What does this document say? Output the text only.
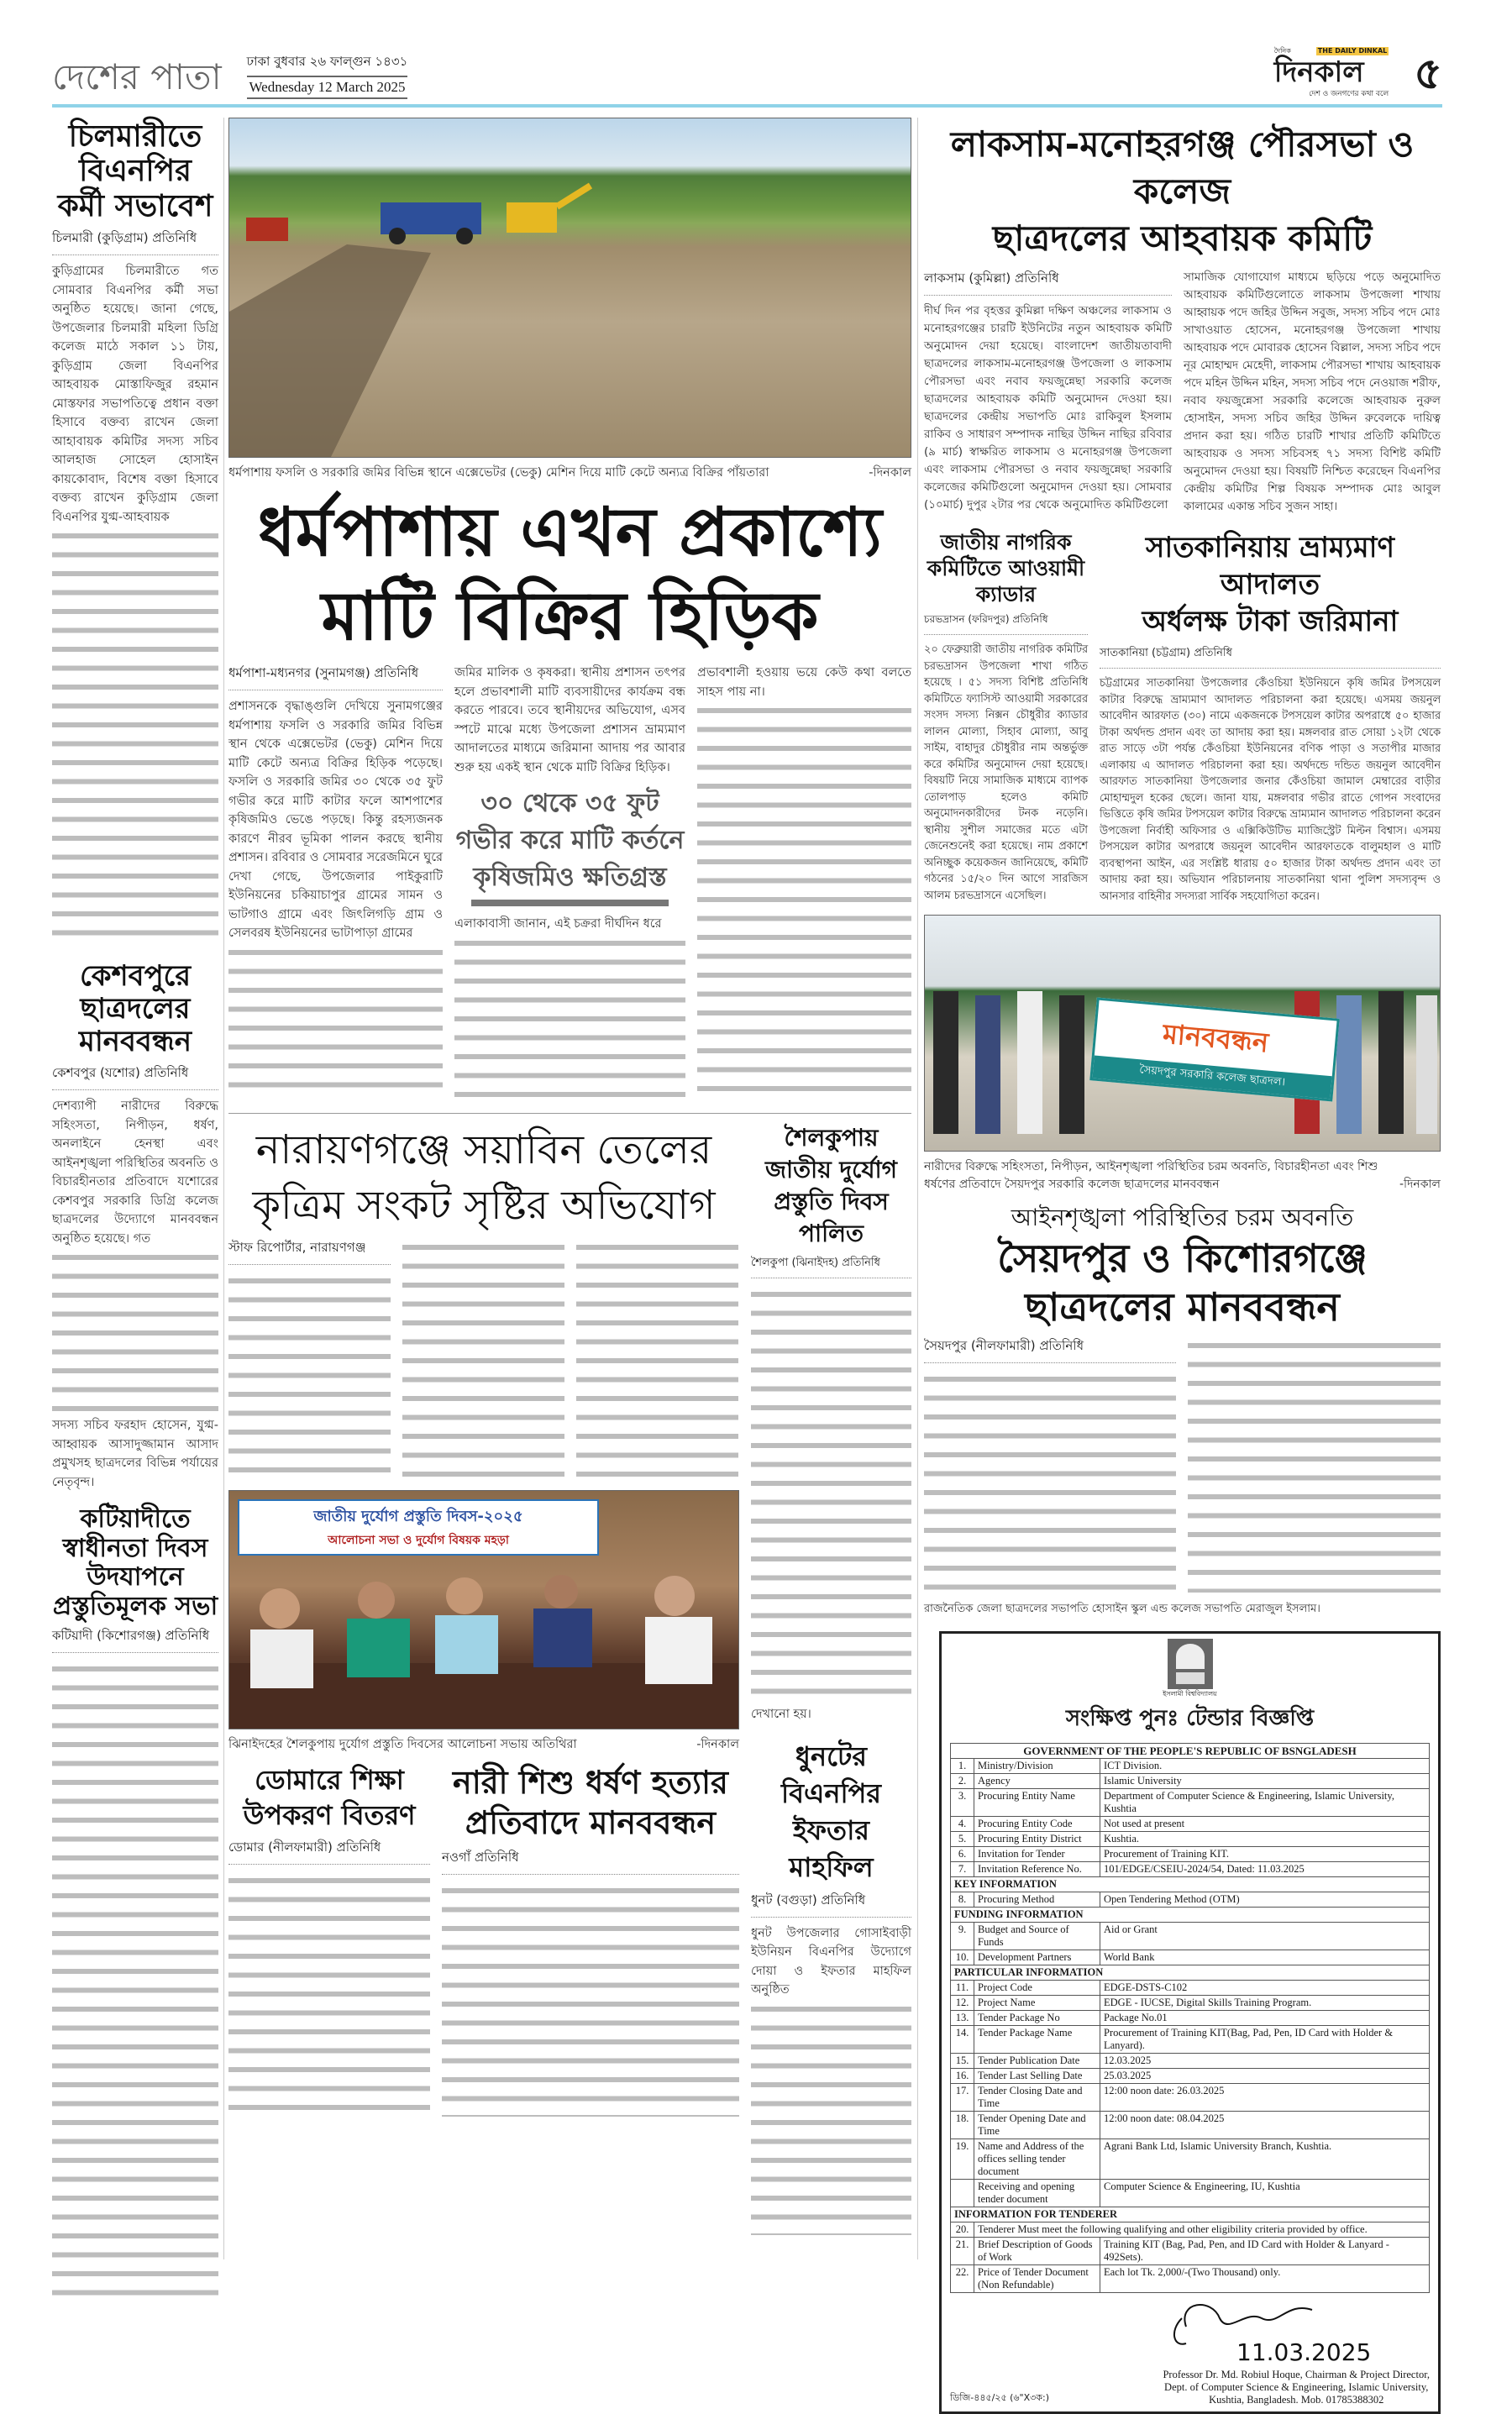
দেশের পাতা ঢাকা বুধবার ২৬ ফাল্গুন ১৪৩১
Wednesday 12 March 2025
দৈনিক	THE DAILY DINKAL
দিনকাল
দেশ ও জনগণের কথা বলে ৫
চিলমারীতে বিএনপির কর্মী সভাবেশ
চিলমারী (কুড়িগ্রাম) প্রতিনিধি
কুড়িগ্রামের চিলমারীতে গত সোমবার বিএনপির কর্মী সভা অনুষ্ঠিত হয়েছে। জানা গেছে, উপজেলার চিলমারী মহিলা ডিগ্রি কলেজ মাঠে সকাল ১১ টায়, কুড়িগ্রাম জেলা বিএনপির আহবায়ক মোস্তাফিজুর রহমান মোস্তফার সভাপতিত্বে প্রধান বক্তা হিসাবে বক্তব্য রাখেন জেলা আহাবায়ক কমিটির সদস্য সচিব আলহাজ সোহেল হোসাইন কায়কোবাদ, বিশেষ বক্তা হিসাবে বক্তব্য রাখেন কুড়িগ্রাম জেলা বিএনপির যুগ্ম-আহবায়ক
কেশবপুরে ছাত্রদলের মানববন্ধন
কেশবপুর (যশোর) প্রতিনিধি
দেশব্যাপী নারীদের বিরুদ্ধে সহিংসতা, নিপীড়ন, ধর্ষণ, অনলাইনে হেনস্থা এবং আইনশৃঙ্খলা পরিস্থিতির অবনতি ও বিচারহীনতার প্রতিবাদে যশোরের কেশবপুর সরকারি ডিগ্রি কলেজ ছাত্রদলের উদ্যোগে মানববন্ধন অনুষ্ঠিত হয়েছে। গত
সদস্য সচিব ফরহাদ হোসেন, যুগ্ম-আহ্বায়ক আসাদুজ্জামান আসাদ প্রমুখসহ ছাত্রদলের বিভিন্ন পর্যায়ের নেতৃবৃন্দ।
কটিয়াদীতে স্বাধীনতা দিবস উদযাপনে প্রস্তুতিমূলক সভা
কটিয়াদী (কিশোরগঞ্জ) প্রতিনিধি
ধর্মপাশায় ফসলি ও সরকারি জমির বিভিন্ন স্থানে এক্সেভেটর (ভেকু) মেশিন দিয়ে মাটি কেটে অন্যত্র বিক্রির পাঁয়তারা	-দিনকাল
ধর্মপাশায় এখন প্রকাশ্যে
মাটি বিক্রির হিড়িক
ধর্মপাশা-মধ্যনগর (সুনামগঞ্জ) প্রতিনিধি
প্রশাসনকে বৃদ্ধাঙ্গুলি দেখিয়ে সুনামগঞ্জের ধর্মপাশায় ফসলি ও সরকারি জমির বিভিন্ন স্থান থেকে এক্সেভেটর (ভেকু) মেশিন দিয়ে মাটি কেটে অন্যত্র বিক্রির হিড়িক পড়েছে। ফসলি ও সরকারি জমির ৩০ থেকে ৩৫ ফুট গভীর করে মাটি কাটার ফলে আশপাশের কৃষিজমিও ভেঙে পড়ছে। কিন্তু রহস্যজনক কারণে নীরব ভূমিকা পালন করছে স্থানীয় প্রশাসন। রবিবার ও সোমবার সরেজমিনে ঘুরে দেখা গেছে, উপজেলার পাইকুরাটি ইউনিয়নের চকিয়াচাপুর গ্রামের সামন ও ভাটগাও গ্রামে এবং জিৎলিগড়ি গ্রাম ও সেলবরষ ইউনিয়নের ভাটাপাড়া গ্রামের
জমির মালিক ও কৃষকরা। স্থানীয় প্রশাসন তৎপর হলে প্রভাবশালী মাটি ব্যবসায়ীদের কার্যক্রম বন্ধ করতে পারবে। তবে স্থানীয়দের অভিযোগ, এসব স্পটে মাঝে মধ্যে উপজেলা প্রশাসন ভ্রাম্যমাণ আদালতের মাধ্যমে জরিমানা আদায় পর আবার শুরু হয় একই স্থান থেকে মাটি বিক্রির হিড়িক।
৩০ থেকে ৩৫ ফুট গভীর করে মাটি কর্তনে কৃষিজমিও ক্ষতিগ্রস্ত
এলাকাবাসী জানান, এই চক্ররা দীর্ঘদিন ধরে
প্রভাবশালী হওয়ায় ভয়ে কেউ কথা বলতে সাহস পায় না।
নারায়ণগঞ্জে সয়াবিন তেলের
কৃত্রিম সংকট সৃষ্টির অভিযোগ
স্টাফ রিপোর্টার, নারায়ণগঞ্জ
জাতীয় দুর্যোগ প্রস্তুতি দিবস-২০২৫
আলোচনা সভা ও দুর্যোগ বিষয়ক মহড়া
ঝিনাইদহের শৈলকুপায় দুর্যোগ প্রস্তুতি দিবসের আলোচনা সভায় অতিথিরা	-দিনকাল
ডোমারে শিক্ষা উপকরণ বিতরণ
ডোমার (নীলফামারী) প্রতিনিধি
নারী শিশু ধর্ষণ হত্যার
প্রতিবাদে মানববন্ধন
নওগাঁ প্রতিনিধি
শৈলকুপায় জাতীয় দুর্যোগ প্রস্তুতি দিবস পালিত
শৈলকুপা (ঝিনাইদহ) প্রতিনিধি
দেখানো হয়।
ধুনটের বিএনপির ইফতার মাহফিল
ধুনট (বগুড়া) প্রতিনিধি
ধুনট উপজেলার গোসাইবাড়ী ইউনিয়ন বিএনপির উদ্যোগে দোয়া ও ইফতার মাহফিল অনুষ্ঠিত
লাকসাম-মনোহরগঞ্জ পৌরসভা ও কলেজ
ছাত্রদলের আহবায়ক কমিটি
লাকসাম (কুমিল্লা) প্রতিনিধি
দীর্ঘ দিন পর বৃহত্তর কুমিল্লা দক্ষিণ অঞ্চলের লাকসাম ও মনোহরগঞ্জের চারটি ইউনিটের নতুন আহবায়ক কমিটি অনুমোদন দেয়া হয়েছে। বাংলাদেশ জাতীয়তাবাদী ছাত্রদলের লাকসাম-মনোহরগঞ্জ উপজেলা ও লাকসাম পৌরসভা এবং নবাব ফয়জুন্নেছা সরকারি কলেজ ছাত্রদলের আহবায়ক কমিটি অনুমোদন দেওয়া হয়। ছাত্রদলের কেন্দ্রীয় সভাপতি মোঃ রাকিবুল ইসলাম রাকিব ও সাধারণ সম্পাদক নাছির উদ্দিন নাছির রবিবার (৯ মার্চ) স্বাক্ষরিত লাকসাম ও মনোহরগঞ্জ উপজেলা এবং লাকসাম পৌরসভা ও নবাব ফয়জুন্নেছা সরকারি কলেজের কমিটিগুলো অনুমোদন দেওয়া হয়। সোমবার (১০মার্চ) দুপুর ২টার পর থেকে অনুমোদিত কমিটিগুলো
সামাজিক যোগাযোগ মাধ্যমে ছড়িয়ে পড়ে অনুমোদিত আহবায়ক কমিটিগুলোতে লাকসাম উপজেলা শাখায় আহ্বায়ক পদে জহির উদ্দিন সবুজ, সদস্য সচিব পদে মোঃ সাখাওয়াত হোসেন, মনোহরগঞ্জ উপজেলা শাখায় আহবায়ক পদে মোবারক হোসেন বিল্লাল, সদস্য সচিব পদে নূর মোহাম্মদ মেহেদী, লাকসাম পৌরসভা শাখায় আহবায়ক পদে মহিন উদ্দিন মহিন, সদস্য সচিব পদে নেওয়াজ শরীফ, নবাব ফয়জুন্নেসা সরকারি কলেজে আহবায়ক নুরুল হোসাইন, সদস্য সচিব জহির উদ্দিন রুবেলকে দায়িত্ব প্রদান করা হয়। গঠিত চারটি শাখার প্রতিটি কমিটিতে আহবায়ক ও সদস্য সচিবসহ ৭১ সদস্য বিশিষ্ট কমিটি অনুমোদন দেওয়া হয়। বিষয়টি নিশ্চিত করেছেন বিএনপির কেন্দ্রীয় কমিটির শিল্প বিষয়ক সম্পাদক মোঃ আবুল কালামের একান্ত সচিব সুজন সাহা।
জাতীয় নাগরিক কমিটিতে আওয়ামী ক্যাডার
চরভদ্রাসন (ফরিদপুর) প্রতিনিধি
২০ ফেব্রুয়ারী জাতীয় নাগরিক কমিটির চরভদ্রাসন উপজেলা শাখা গঠিত হয়েছে । ৫১ সদস্য বিশিষ্ট প্রতিনিধি কমিটিতে ফ্যাসিস্ট আওয়ামী সরকারের সংসদ সদস্য নিক্সন চৌধুরীর ক্যাডার লালন মোল্যা, সিহাব মোল্যা, আবু সাইম, বাহাদুর চৌধুরীর নাম অন্তর্ভুক্ত করে কমিটির অনুমোদন দেয়া হয়েছে। বিষয়টি নিয়ে সামাজিক মাধ্যমে ব্যাপক তোলপাড় হলেও কমিটি অনুমোদনকারীদের টনক নড়েনি। স্থানীয় সুশীল সমাজের মতে এটা জেনেশুনেই করা হয়েছে। নাম প্রকাশে অনিচ্ছুক কয়েকজন জানিয়েছে, কমিটি গঠনের ১৫/২০ দিন আগে সারজিস আলম চরভদ্রাসনে এসেছিল।
সাতকানিয়ায় ভ্রাম্যমাণ আদালত
অর্ধলক্ষ টাকা জরিমানা
সাতকানিয়া (চট্টগ্রাম) প্রতিনিধি
চট্টগ্রামের সাতকানিয়া উপজেলার কেঁওচিয়া ইউনিয়নে কৃষি জমির টপসয়েল কাটার বিরুদ্ধে ভ্রাম্যমাণ আদালত পরিচালনা করা হয়েছে। এসময় জয়নুল আবেদীন আরফাত (৩০) নামে একজনকে টপসয়েল কাটার অপরাধে ৫০ হাজার টাকা অর্থদন্ড প্রদান এবং তা আদায় করা হয়। মঙ্গলবার রাত সোয়া ১২টা থেকে রাত সাড়ে ৩টা পর্যন্ত কেঁওচিয়া ইউনিয়নের বণিক পাড়া ও সতাপীর মাজার এলাকায় এ আদালত পরিচালনা করা হয়। অর্থদন্ডে দন্ডিত জয়নুল আবেদীন আরফাত সাতকানিয়া উপজেলার জনার কেঁওচিয়া জামাল মেম্বারের বাড়ীর মোহাম্মদুল হকের ছেলে। জানা যায়, মঙ্গলবার গভীর রাতে গোপন সংবাদের ভিত্তিতে কৃষি জমির টপসয়েল কাটার বিরুদ্ধে ভ্রাম্যমান আদালত পরিচালনা করেন উপজেলা নির্বাহী অফিসার ও এক্সিকিউটিভ ম্যাজিস্ট্রেট মিল্টন বিশ্বাস। এসময় টপসয়েল কাটার অপরাধে জয়নুল আবেদীন আরফাতকে বালুমহাল ও মাটি ব্যবস্থাপনা আইন, এর সংশ্লিষ্ট ধারায় ৫০ হাজার টাকা অর্থদন্ড প্রদান এবং তা আদায় করা হয়। অভিযান পরিচালনায় সাতকানিয়া থানা পুলিশ সদস্যবৃন্দ ও আনসার বাহিনীর সদস্যরা সার্বিক সহযোগিতা করেন।
মানববন্ধন
সৈয়দপুর সরকারি কলেজ ছাত্রদল।
নারীদের বিরুদ্ধে সহিংসতা, নিপীড়ন, আইনশৃঙ্খলা পরিস্থিতির চরম অবনতি, বিচারহীনতা এবং শিশু ধর্ষণের প্রতিবাদে সৈয়দপুর সরকারি কলেজ ছাত্রদলের মানববন্ধন	-দিনকাল
আইনশৃঙ্খলা পরিস্থিতির চরম অবনতি
সৈয়দপুর ও কিশোরগঞ্জে
ছাত্রদলের মানববন্ধন
সৈয়দপুর (নীলফামারী) প্রতিনিধি
রাজনৈতিক জেলা ছাত্রদলের সভাপতি হোসাইন স্কুল এন্ড কলেজ সভাপতি মেরাজুল ইসলাম।
ইসলামী বিশ্ববিদ্যালয়
সংক্ষিপ্ত পুনঃ টেন্ডার বিজ্ঞপ্তি
GOVERNMENT OF THE PEOPLE'S REPUBLIC OF BSNGLADESH		
1.	Ministry/Division	ICT Division.
2.	Agency	Islamic University
3.	Procuring Entity Name	Department of Computer Science & Engineering, Islamic University, Kushtia
4.	Procuring Entity Code	Not used at present
5.	Procuring Entity District	Kushtia.
6.	Invitation for Tender	Procurement of Training KIT.
7.	Invitation Reference No.	101/EDGE/CSEIU-2024/54, Dated: 11.03.2025
KEY INFORMATION		
8.	Procuring Method	Open Tendering Method (OTM)
FUNDING INFORMATION		
9.	Budget and Source of Funds	Aid or Grant
10.	Development Partners	World Bank
PARTICULAR INFORMATION		
11.	Project Code	EDGE-DSTS-C102
12.	Project Name	EDGE - IUCSE, Digital Skills Training Program.
13.	Tender Package No	Package No.01
14.	Tender Package Name	Procurement of Training KIT(Bag, Pad, Pen, ID Card with Holder & Lanyard).
15.	Tender Publication Date	12.03.2025
16.	Tender Last Selling Date	25.03.2025
17.	Tender Closing Date and Time	12:00 noon date: 26.03.2025
18.	Tender Opening Date and Time	12:00 noon date: 08.04.2025
19.	Name and Address of the offices selling tender document	Agrani Bank Ltd, Islamic University Branch, Kushtia.
	Receiving and opening tender document	Computer Science & Engineering, IU, Kushtia
INFORMATION FOR TENDERER		
20.	Tenderer Must meet the following qualifying and other eligibility criteria provided by office.	
21.	Brief Description of Goods of Work	Training KIT (Bag, Pad, Pen, and ID Card with Holder & Lanyard - 492Sets).
22.	Price of Tender Document (Non Refundable)	Each lot Tk. 2,000/-(Two Thousand) only.
11.03.2025
ডিজি-৪৪৫/২৫ (৬"X৩ক:)
Professor Dr. Md. Robiul Hoque, Chairman & Project Director,
Dept. of Computer Science & Engineering, Islamic University,
Kushtia, Bangladesh. Mob. 01785388302
